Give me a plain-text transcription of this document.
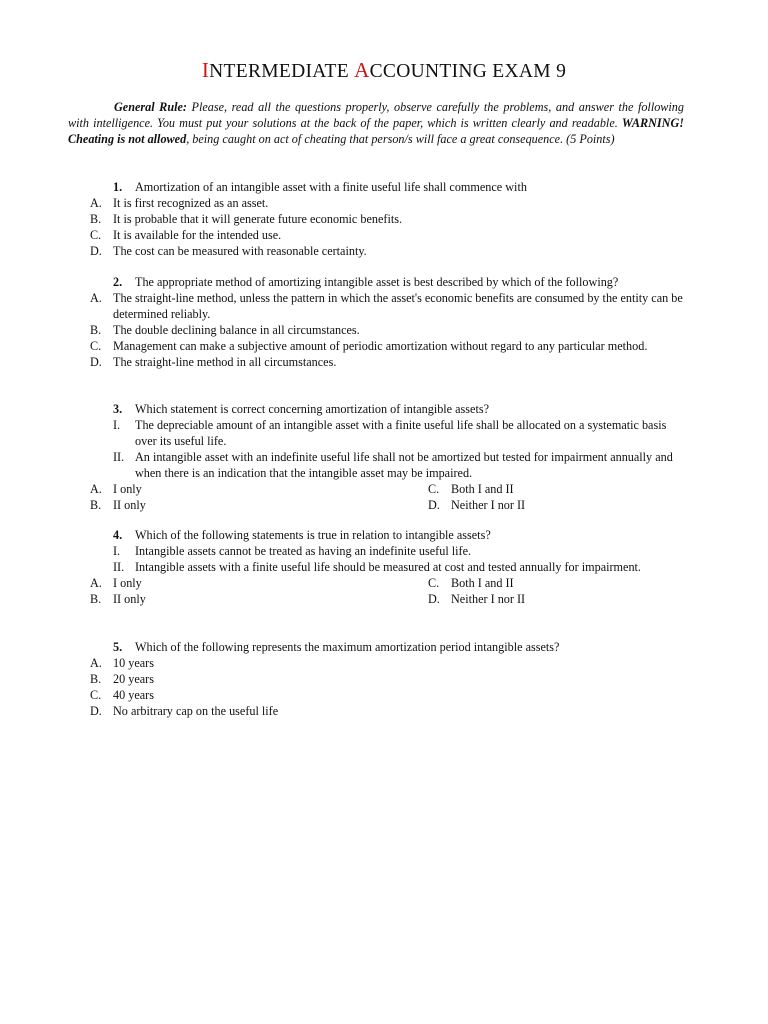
INTERMEDIATE ACCOUNTING EXAM 9
General Rule: Please, read all the questions properly, observe carefully the problems, and answer the following with intelligence. You must put your solutions at the back of the paper, which is written clearly and readable. WARNING! Cheating is not allowed, being caught on act of cheating that person/s will face a great consequence. (5 Points)
1. Amortization of an intangible asset with a finite useful life shall commence with
A. It is first recognized as an asset.
B. It is probable that it will generate future economic benefits.
C. It is available for the intended use.
D. The cost can be measured with reasonable certainty.
2. The appropriate method of amortizing intangible asset is best described by which of the following?
A. The straight-line method, unless the pattern in which the asset's economic benefits are consumed by the entity can be determined reliably.
B. The double declining balance in all circumstances.
C. Management can make a subjective amount of periodic amortization without regard to any particular method.
D. The straight-line method in all circumstances.
3. Which statement is correct concerning amortization of intangible assets?
I.	The depreciable amount of an intangible asset with a finite useful life shall be allocated on a systematic basis over its useful life.
II. An intangible asset with an indefinite useful life shall not be amortized but tested for impairment annually and when there is an indication that the intangible asset may be impaired.
A. I only	C. Both I and II
B. II only	D. Neither I nor II
4. Which of the following statements is true in relation to intangible assets?
I.	Intangible assets cannot be treated as having an indefinite useful life.
II. Intangible assets with a finite useful life should be measured at cost and tested annually for impairment.
A. I only	C. Both I and II
B. II only	D. Neither I nor II
5. Which of the following represents the maximum amortization period intangible assets?
A. 10 years
B. 20 years
C. 40 years
D. No arbitrary cap on the useful life
